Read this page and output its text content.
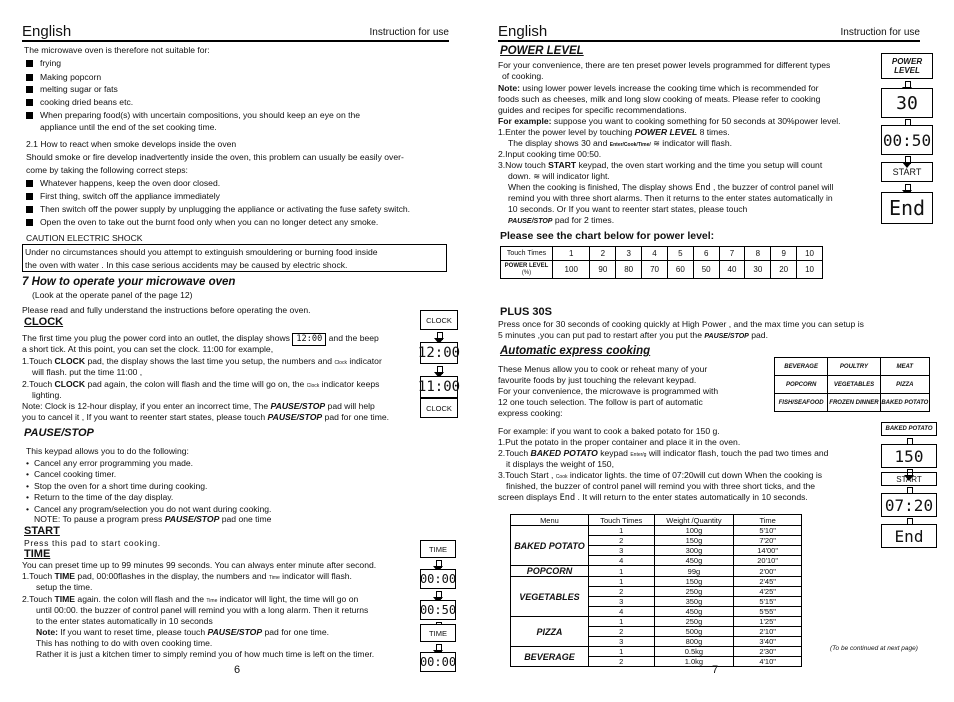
English	Instruction for use
The microwave oven is therefore not suitable for:
frying
Making popcorn
melting sugar or fats
cooking dried beans etc.
When preparing food(s) with uncertain compositions, you should keep an eye on the
appliance until the end of the set cooking time.
2.1 How to react when smoke develops inside the oven
Should smoke or fire develop inadvertently inside the oven, this problem can usually be easily over-
come by taking the following correct steps:
Whatever happens, keep the oven door closed.
First thing, switch off the appliance immediately
Then switch off the power supply by unplugging the appliance or activating the fuse safety switch.
Open the oven to take out the burnt food only when you can no longer detect any smoke.
CAUTION ELECTRIC SHOCK
Under no circumstances should you attempt to extinguish smouldering or burning food inside
the oven with water . In this case serious accidents may be caused by electric shock.
7 How to operate your microwave oven
(Look at the operate panel of the page 12)
Please read and fully understand the instructions before operating the oven.
CLOCK
The first time you plug the power cord into an outlet, the display shows 12:00 and the beep
a short tick. At this point, you can set the clock. 11:00 for example,
1.Touch CLOCK pad, the display shows the last time you setup, the numbers and Clock indicator
will flash. put the time 11:00 ,
2.Touch CLOCK pad again, the colon will flash and the time will go on, the Clock indicator keeps
lighting.
Note: Clock is 12-hour display, if you enter an incorrect time, The PAUSE/STOP pad will help
you to cancel it , If you want to reenter start states, please touch PAUSE/STOP pad for one time.
CLOCK
12:00
11:00
CLOCK
PAUSE/STOP
This keypad allows you to do the following:
• Cancel any error programming you made.
• Cancel cooking timer.
• Stop the oven for a short time during cooking.
• Return to the time of the day display.
• Cancel any program/selection you do not want during cooking.
NOTE: To pause a program press PAUSE/STOP pad one time
START
Press this pad to start cooking.
TIME
You can preset time up to 99 minutes 99 seconds. You can always enter minute after second.
1.Touch TIME pad, 00:00flashes in the display, the numbers and Time indicator will flash.
setup the time.
2.Touch TIME again. the colon will flash and the Time indicator will light, the time will go on
until 00:00. the buzzer of control panel will remind you with a long alarm. Then it returns
to the enter states automatically in 10 seconds
Note: If you want to reset time, please touch PAUSE/STOP pad for one time.
This has nothing to do with oven cooking time.
Rather it is just a kitchen timer to simply remind you of how much time is left on the timer.
TIME
00:00
00:50
TIME
00:00
6
English	Instruction for use
POWER LEVEL
For your convenience, there are ten preset power levels programmed for different types
of cooking.
Note: using lower power levels increase the cooking time which is recommended for
foods such as cheeses, milk and long slow cooking of meats. Please refer to cooking
guides and recipes for specific recommendations.
For example: suppose you want to cooking something for 50 seconds at 30%power level.
1.Enter the power level by touching POWER LEVEL 8 times.
The display shows 30 and Enter/Cook/Time/ ≋ indicator will flash.
2.Input cooking time 00:50.
3.Now touch START keypad, the oven start working and the time you setup will count
down. ≋ will indicator light.
When the cooking is finished, The display shows End , the buzzer of control panel will
remind you with three short alarms. Then it returns to the enter states automatically in
10 seconds. Or If you want to reenter start states, please touch
PAUSE/STOP pad for 2 times.
POWER LEVEL
30
00:50
START
End
Please see the chart below for power level:
Touch Times	1	2	3	4	5	6	7	8	9	10
POWER LEVEL
(%)	100	90	80	70	60	50	40	30	20	10
PLUS 30S
Press once for 30 seconds of cooking quickly at High Power , and the max time you can setup is
5 minutes ,you can put pad to restart after you put the PAUSE/STOP pad.
Automatic express cooking
These Menus allow you to cook or reheat many of your
favourite foods by just touching the relevant keypad.
For your convenience, the microwave is programmed with
12 one touch selection. The follow is part of automatic
express cooking:
BEVERAGE	POULTRY	MEAT
POPCORN	VEGETABLES	PIZZA
FISH/SEAFOOD	FROZEN DINNER	BAKED POTATO
For example: if you want to cook a baked potato for 150 g.
1.Put the potato in the proper container and place it in the oven.
2.Touch BAKED POTATO keypad Enter/g will indicator flash, touch the pad two times and
it displays the weight of 150,
3.Touch Start , Cook indicator lights. the time of 07:20will cut down When the cooking is
finished, the buzzer of control panel will remind you with three short ticks, and the
screen displays End . It will return to the enter states automatically in 10 seconds.
BAKED POTATO
150
START
07:20
End
Menu	Touch Times	Weight /Quantity	Time
BAKED POTATO	1	100g	5'10"
	2	150g	7'20"
	3	300g	14'00"
	4	450g	20'10"
POPCORN	1	99g	2'00"
VEGETABLES	1	150g	2'45"
	2	250g	4'25"
	3	350g	5'15"
	4	450g	5'55"
PIZZA	1	250g	1'25"
	2	500g	2'10"
	3	800g	3'40"
BEVERAGE	1	0.5kg	2'30"
	2	1.0kg	4'10"
(To be continued at next page)
7
